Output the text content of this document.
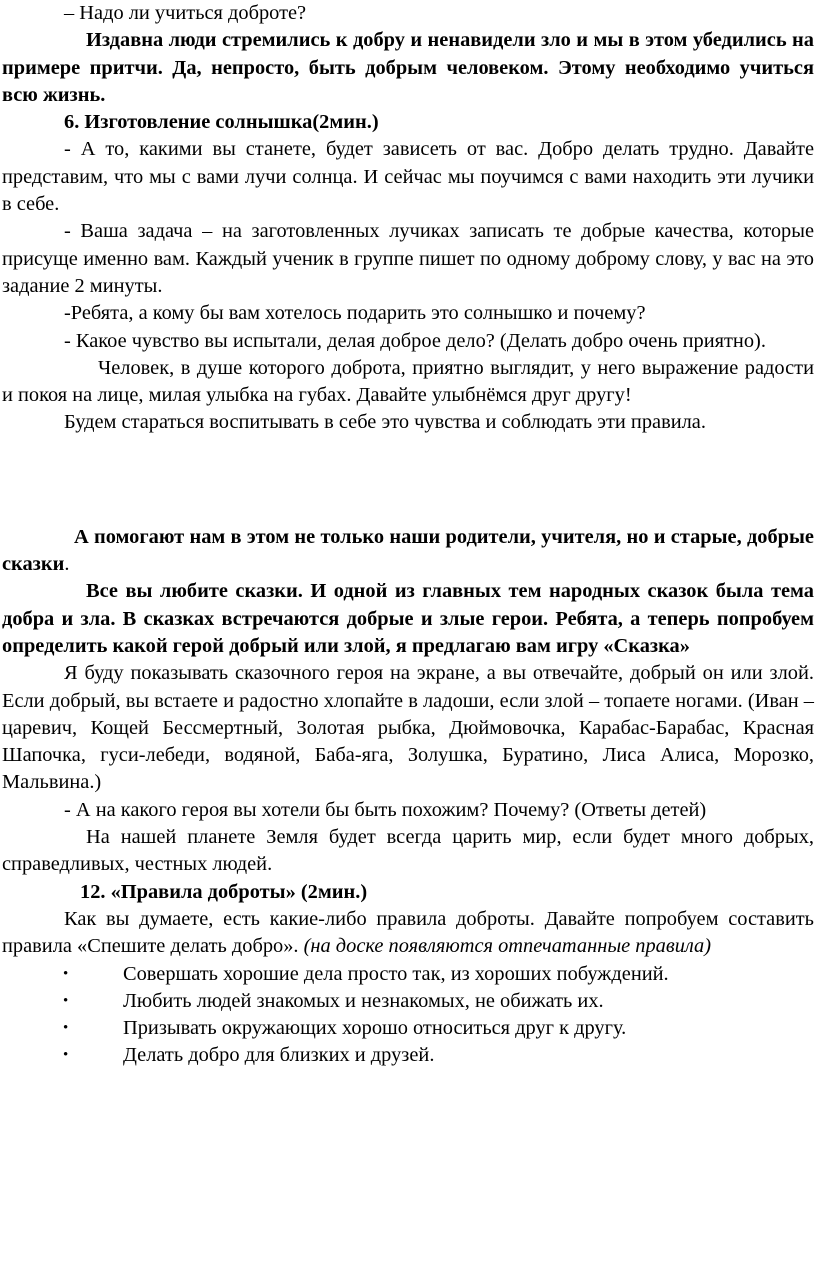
– Надо ли учиться доброте?

Издавна люди стремились к добру и ненавидели зло и мы в этом убедились на примере притчи. Да, непросто, быть добрым человеком. Этому необходимо учиться всю жизнь.

6. Изготовление солнышка(2мин.)

- А то, какими вы станете, будет зависеть от вас. Добро делать трудно. Давайте представим, что мы с вами лучи солнца. И сейчас мы поучимся с вами находить эти лучики в себе.

- Ваша задача – на заготовленных лучиках записать те добрые качества, которые присуще именно вам. Каждый ученик в группе пишет по одному доброму слову, у вас на это задание 2 минуты.

-Ребята, а кому бы вам хотелось подарить это солнышко и почему?

- Какое чувство вы испытали, делая доброе дело? (Делать добро очень приятно).

Человек, в душе которого доброта, приятно выглядит, у него выражение радости и покоя на лице, милая улыбка на губах. Давайте улыбнёмся друг другу!

Будем стараться воспитывать в себе это чувства и соблюдать эти правила.

А помогают нам в этом не только наши родители, учителя, но и старые, добрые сказки.

Все вы любите сказки. И одной из главных тем народных сказок была тема добра и зла. В сказках встречаются добрые и злые герои. Ребята, а теперь попробуем определить какой герой добрый или злой, я предлагаю вам игру «Сказка»

Я буду показывать сказочного героя на экране, а вы отвечайте, добрый он или злой. Если добрый, вы встаете и радостно хлопайте в ладоши, если злой – топаете ногами. (Иван – царевич, Кощей Бессмертный, Золотая рыбка, Дюймовочка, Карабас-Барабас, Красная Шапочка, гуси-лебеди, водяной, Баба-яга, Золушка, Буратино, Лиса Алиса, Морозко, Мальвина.)

- А на какого героя вы хотели бы быть похожим? Почему? (Ответы детей)

На нашей планете Земля будет всегда царить мир, если будет много добрых, справедливых, честных людей.

12. «Правила доброты» (2мин.)

Как вы думаете, есть какие-либо правила доброты. Давайте попробуем составить правила «Спешите делать добро». (на доске появляются отпечатанные правила)

•	Совершать хорошие дела просто так, из хороших побуждений.
•	Любить людей знакомых и незнакомых, не обижать их.
•	Призывать окружающих хорошо относиться друг к другу.
•	Делать добро для близких и друзей.
